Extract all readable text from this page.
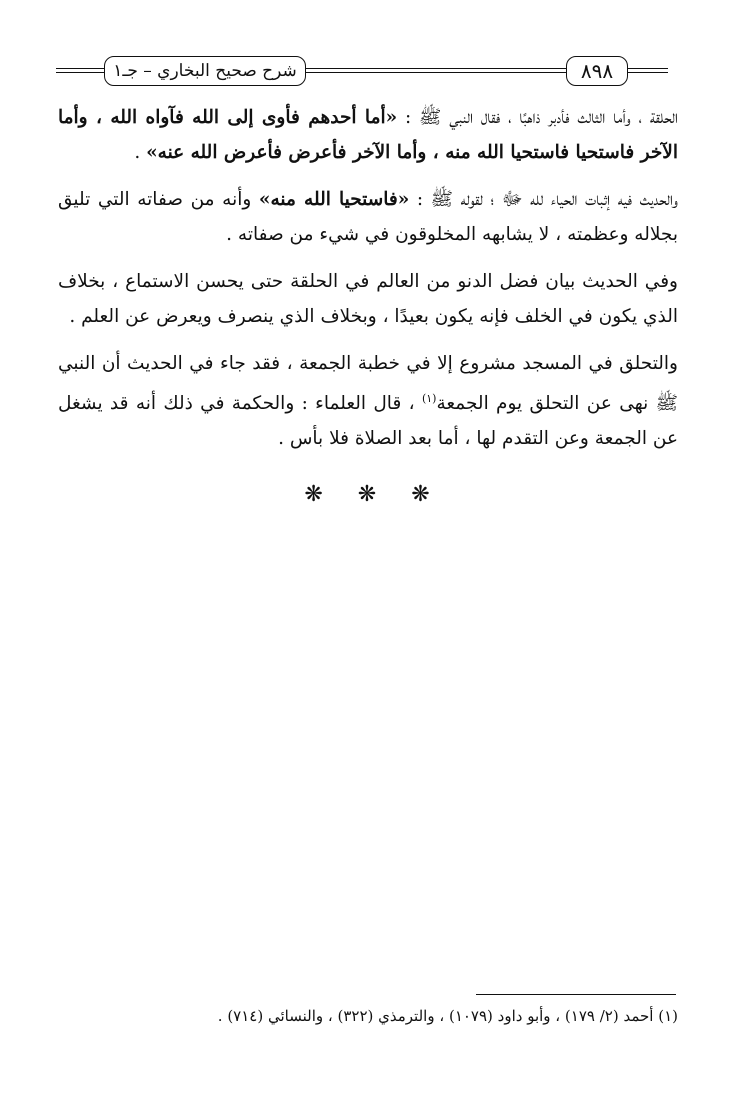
شرح صحيح البخاري – جـ١	٨٩٨

الحلقة ، وأما الثالث فأدبر ذاهبًا ، فقال النبي ﷺ : «أما أحدهم فأوى إلى الله فآواه الله ، وأما الآخر فاستحيا فاستحيا الله منه ، وأما الآخر فأعرض فأعرض الله عنه» .

والحديث فيه إثبات الحياء لله ﷻ ؛ لقوله ﷺ : «فاستحيا الله منه» وأنه من صفاته التي تليق بجلاله وعظمته ، لا يشابهه المخلوقون في شيء من صفاته .

وفي الحديث بيان فضل الدنو من العالم في الحلقة حتى يحسن الاستماع ، بخلاف الذي يكون في الخلف فإنه يكون بعيدًا ، وبخلاف الذي ينصرف ويعرض عن العلم .

والتحلق في المسجد مشروع إلا في خطبة الجمعة ، فقد جاء في الحديث أن النبي ﷺ نهى عن التحلق يوم الجمعة$^{(١)}$ ، قال العلماء : والحكمة في ذلك أنه قد يشغل عن الجمعة وعن التقدم لها ، أما بعد الصلاة فلا بأس .

❋ ❋ ❋
(١) أحمد (٢/ ١٧٩) ، وأبو داود (١٠٧٩) ، والترمذي (٣٢٢) ، والنسائي (٧١٤) .
